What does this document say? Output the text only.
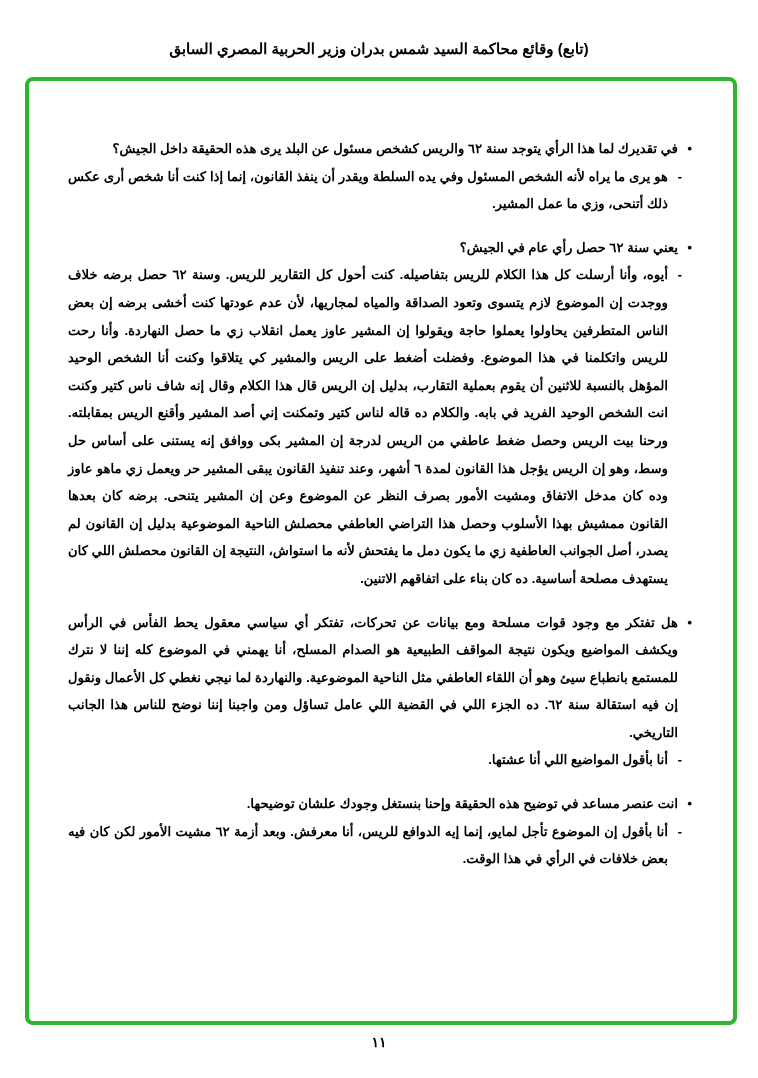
(تابع) وقائع محاكمة السيد شمس بدران وزير الحربية المصري السابق
•
في تقديرك لما هذا الرأي يتوجد سنة ٦٢ والريس كشخص مسئول عن البلد يرى هذه الحقيقة داخل الجيش؟
-
هو يرى ما يراه لأنه الشخص المسئول وفي يده السلطة ويقدر أن ينفذ القانون، إنما إذا كنت أنا شخص أرى عكس ذلك أتنحى، وزي ما عمل المشير.
•
يعني سنة ٦٢ حصل رأي عام في الجيش؟
-
أيوه، وأنا أرسلت كل هذا الكلام للريس بتفاصيله. كنت أحول كل التقارير للريس. وسنة ٦٢ حصل برضه خلاف ووجدت إن الموضوع لازم يتسوى وتعود الصداقة والمياه لمجاريها، لأن عدم عودتها كنت أخشى برضه إن بعض الناس المتطرفين يحاولوا يعملوا حاجة ويقولوا إن المشير عاوز يعمل انقلاب زي ما حصل النهاردة. وأنا رحت للريس واتكلمنا في هذا الموضوع. وفضلت أضغط على الريس والمشير كي يتلاقوا وكنت أنا الشخص الوحيد المؤهل بالنسبة للاثنين أن يقوم بعملية التقارب، بدليل إن الريس قال هذا الكلام وقال إنه شاف ناس كتير وكنت انت الشخص الوحيد الفريد في بابه. والكلام ده قاله لناس كتير وتمكنت إني أصد المشير وأقنع الريس بمقابلته. ورحنا بيت الريس وحصل ضغط عاطفي من الريس لدرجة إن المشير بكى ووافق إنه يستنى على أساس حل وسط، وهو إن الريس يؤجل هذا القانون لمدة ٦ أشهر، وعند تنفيذ القانون يبقى المشير حر ويعمل زي ماهو عاوز وده كان مدخل الاتفاق ومشيت الأمور بصرف النظر عن الموضوع وعن إن المشير يتنحى. برضه كان بعدها القانون ممشيش بهذا الأسلوب وحصل هذا التراضي العاطفي محصلش الناحية الموضوعية بدليل إن القانون لم يصدر، أصل الجوانب العاطفية زي ما يكون دمل ما يفتحش لأنه ما استواش، النتيجة إن القانون محصلش اللي كان يستهدف مصلحة أساسية. ده كان بناء على اتفاقهم الاتنين.
•
هل تفتكر مع وجود قوات مسلحة ومع بيانات عن تحركات، تفتكر أي سياسي معقول يحط الفأس في الرأس ويكشف المواضيع ويكون نتيجة المواقف الطبيعية هو الصدام المسلح، أنا يهمني في الموضوع كله إننا لا نترك للمستمع بانطباع سيئ وهو أن اللقاء العاطفي مثل الناحية الموضوعية. والنهاردة لما نيجي نغطي كل الأعمال ونقول إن فيه استقالة سنة ٦٢. ده الجزء اللي في القضية اللي عامل تساؤل ومن واجبنا إننا نوضح للناس هذا الجانب التاريخي.
-
أنا بأقول المواضيع اللي أنا عشتها.
•
انت عنصر مساعد في توضيح هذه الحقيقة وإحنا بنستغل وجودك علشان توضيحها.
-
أنا بأقول إن الموضوع تأجل لمايو، إنما إيه الدوافع للريس، أنا معرفش. وبعد أزمة ٦٢ مشيت الأمور لكن كان فيه بعض خلافات في الرأي في هذا الوقت.
١١
